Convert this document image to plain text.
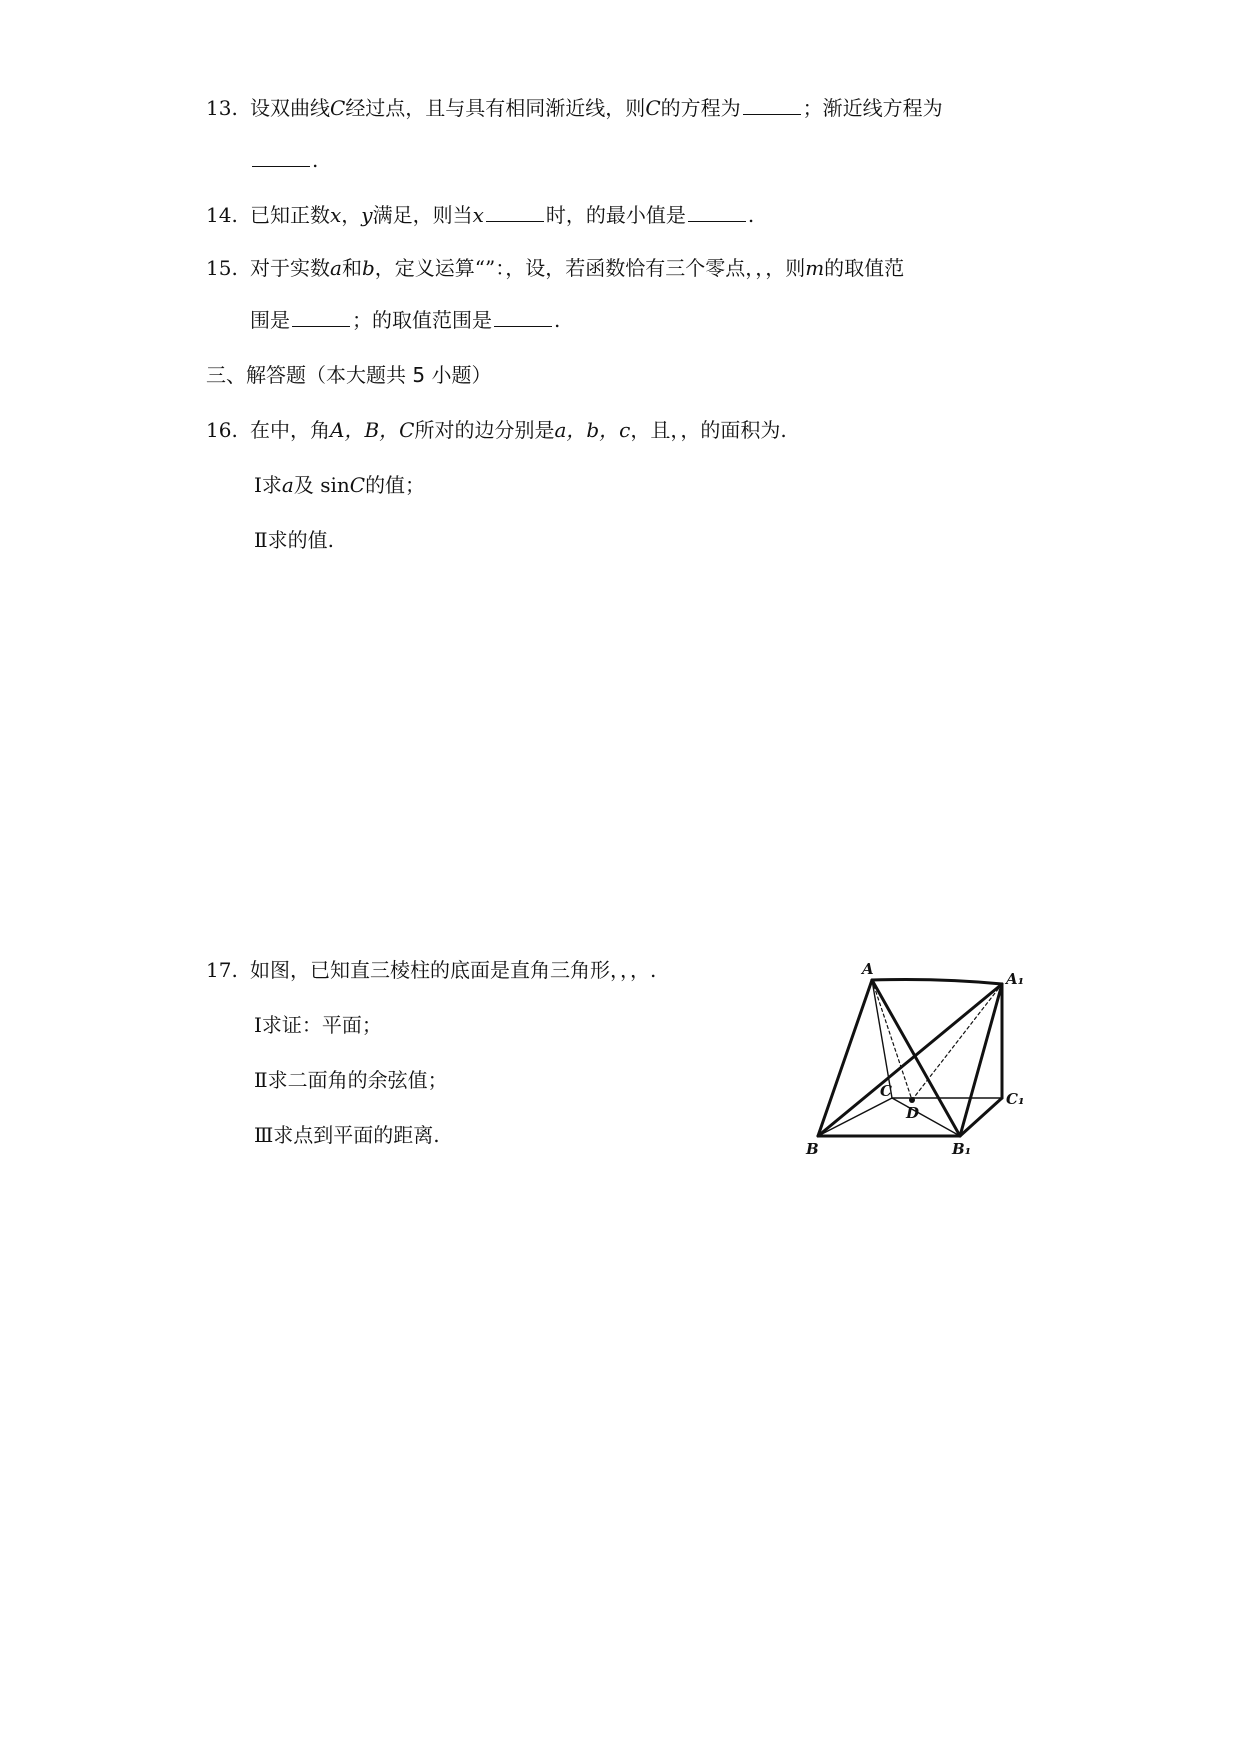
13. 设双曲线C经过点，且与具有相同渐近线，则C的方程为	；渐近线方程为
.
14. 已知正数x，y满足，则当x	时，的最小值是	.
15. 对于实数a和b，定义运算“”：，设，若函数恰有三个零点，，，则m的取值范
围是	；的取值范围是	.
三、解答题（本大题共 5 小题）
16. 在中，角A，B，C所对的边分别是a，b，c，且，，的面积为.
Ⅰ求a及 sinC的值；
Ⅱ求的值.
17. 如图，已知直三棱柱的底面是直角三角形，，，.
Ⅰ求证：平面；
Ⅱ求二面角的余弦值；
Ⅲ求点到平面的距离.
A
A₁
C	C₁
D
B	B₁
